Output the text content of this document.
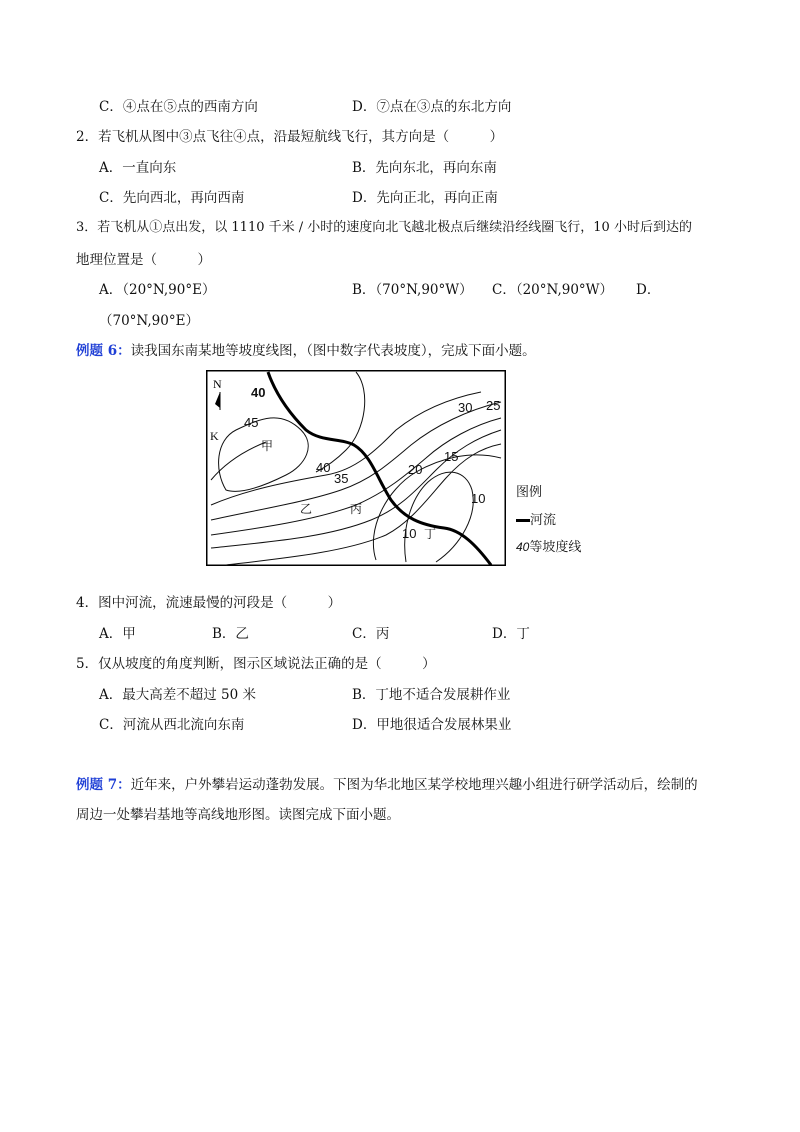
C．④点在⑤点的西南方向	D．⑦点在③点的东北方向
2．若飞机从图中③点飞往④点，沿最短航线飞行，其方向是（　　　）
A．一直向东	B．先向东北，再向东南
C．先向西北，再向西南	D．先向正北，再向正南
3．若飞机从①点出发，以 1110 千米 / 小时的速度向北飞越北极点后继续沿经线圈飞行，10 小时后到达的
地理位置是（　　　）
A．（20°N,90°E）	B．（70°N,90°W） C．（20°N,90°W） D．
（70°N,90°E）
例题 6：读我国东南某地等坡度线图，（图中数字代表坡度），完成下面小题。
N
40
45
30 25
40
35
20
15
10
10
K
甲
乙	丙
丁
图例
河流
40等坡度线
4．图中河流，流速最慢的河段是（　　　）
A．甲	B．乙	C．丙	D．丁
5．仅从坡度的角度判断，图示区域说法正确的是（　　　）
A．最大高差不超过 50 米	B．丁地不适合发展耕作业
C．河流从西北流向东南	D．甲地很适合发展林果业
例题 7：近年来，户外攀岩运动蓬勃发展。下图为华北地区某学校地理兴趣小组进行研学活动后，绘制的
周边一处攀岩基地等高线地形图。读图完成下面小题。
